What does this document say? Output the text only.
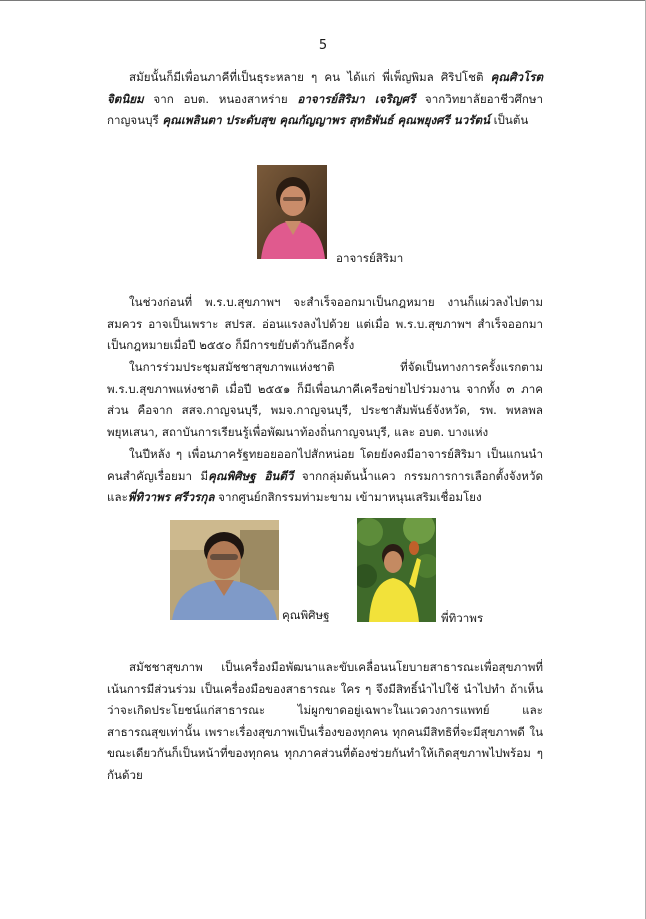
5

สมัยนั้นก็มีเพื่อนภาคีที่เป็นธุระหลาย ๆ คน ได้แก่ พี่เพ็ญพิมล ศิริปโชติ คุณศิวโรต จิตนิยม จาก อบต. หนองสาหร่าย อาจารย์สิริมา เจริญศรี จากวิทยาลัยอาชีวศึกษากาญจนบุรี คุณเพลินตา ประดับสุข คุณกัญญาพร สุทธิพันธ์ คุณพยุงศรี นวรัตน์ เป็นต้น

อาจารย์สิริมา

ในช่วงก่อนที่ พ.ร.บ.สุขภาพฯ จะสำเร็จออกมาเป็นกฎหมาย งานก็แผ่วลงไปตามสมควร อาจเป็นเพราะ สปรส. อ่อนแรงลงไปด้วย แต่เมื่อ พ.ร.บ.สุขภาพฯ สำเร็จออกมาเป็นกฎหมายเมื่อปี ๒๕๕๐ ก็มีการขยับตัวกันอีกครั้ง

ในการร่วมประชุมสมัชชาสุขภาพแห่งชาติ ที่จัดเป็นทางการครั้งแรกตาม พ.ร.บ.สุขภาพแห่งชาติ เมื่อปี ๒๕๕๑ ก็มีเพื่อนภาคีเครือข่ายไปร่วมงาน จากทั้ง ๓ ภาคส่วน คือจาก สสจ.กาญจนบุรี, พมจ.กาญจนบุรี, ประชาสัมพันธ์จังหวัด, รพ. พหลพลพยุหเสนา, สถาบันการเรียนรู้เพื่อพัฒนาท้องถิ่นกาญจนบุรี, และ อบต. บางแห่ง

ในปีหลัง ๆ เพื่อนภาครัฐทยอยออกไปสักหน่อย โดยยังคงมีอาจารย์สิริมา เป็นแกนนำคนสำคัญเรื่อยมา มีคุณพิศิษฐ อินดีวี จากกลุ่มต้นน้ำแคว กรรมการการเลือกตั้งจังหวัด และพี่ทิวาพร ศรีวรกุล จากศูนย์กสิกรรมท่ามะขาม เข้ามาหนุนเสริมเชื่อมโยง

คุณพิศิษฐ	พี่ทิวาพร

สมัชชาสุขภาพ เป็นเครื่องมือพัฒนาและขับเคลื่อนนโยบายสาธารณะเพื่อสุขภาพที่เน้นการมีส่วนร่วม เป็นเครื่องมือของสาธารณะ ใคร ๆ จึงมีสิทธิ์นำไปใช้ นำไปทำ ถ้าเห็นว่าจะเกิดประโยชน์แก่สาธารณะ ไม่ผูกขาดอยู่เฉพาะในแวดวงการแพทย์ และสาธารณสุขเท่านั้น เพราะเรื่องสุขภาพเป็นเรื่องของทุกคน ทุกคนมีสิทธิที่จะมีสุขภาพดี ในขณะเดียวกันก็เป็นหน้าที่ของทุกคน ทุกภาคส่วนที่ต้องช่วยกันทำให้เกิดสุขภาพไปพร้อม ๆ กันด้วย
